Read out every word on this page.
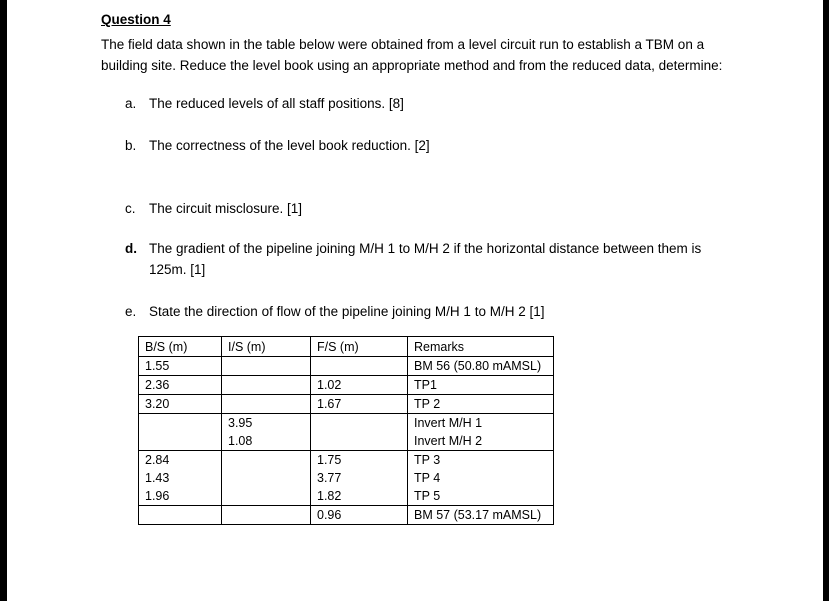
Question 4
The field data shown in the table below were obtained from a level circuit run to establish a TBM on a building site. Reduce the level book using an appropriate method and from the reduced data, determine:
a. The reduced levels of all staff positions. [8]
b. The correctness of the level book reduction. [2]
c. The circuit misclosure. [1]
d. The gradient of the pipeline joining M/H 1 to M/H 2 if the horizontal distance between them is 125m. [1]
e. State the direction of flow of the pipeline joining M/H 1 to M/H 2 [1]
B/S (m)	I/S (m)	F/S (m)	Remarks
1.55			BM 56 (50.80 mAMSL)
2.36		1.02	TP1
3.20		1.67	TP 2
	3.95		Invert M/H 1
	1.08		Invert M/H 2
2.84		1.75	TP 3
1.43		3.77	TP 4
1.96		1.82	TP 5
		0.96	BM 57 (53.17 mAMSL)
